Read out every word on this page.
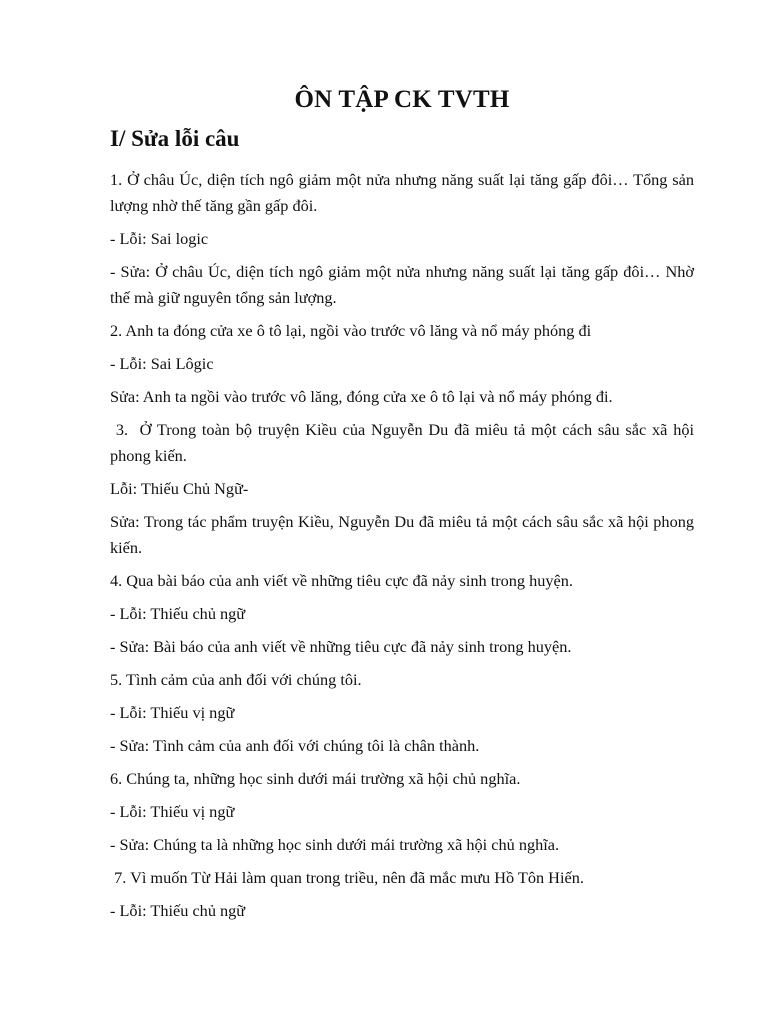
ÔN TẬP CK TVTH
I/ Sửa lỗi câu

1. Ở châu Úc, diện tích ngô giảm một nửa nhưng năng suất lại tăng gấp đôi… Tổng sản lượng nhờ thế tăng gần gấp đôi.

- Lỗi: Sai logic

- Sửa: Ở châu Úc, diện tích ngô giảm một nửa nhưng năng suất lại tăng gấp đôi… Nhờ thế mà giữ nguyên tổng sản lượng.

2. Anh ta đóng cửa xe ô tô lại, ngồi vào trước vô lăng và nổ máy phóng đi

- Lỗi: Sai Lôgic

Sửa: Anh ta ngồi vào trước vô lăng, đóng cửa xe ô tô lại và nổ máy phóng đi.

3.  Ở Trong toàn bộ truyện Kiều của Nguyễn Du đã miêu tả một cách sâu sắc xã hội phong kiến.

Lỗi: Thiếu Chủ Ngữ-

Sửa: Trong tác phẩm truyện Kiều, Nguyễn Du đã miêu tả một cách sâu sắc xã hội phong kiến.

4. Qua bài báo của anh viết về những tiêu cực đã nảy sinh trong huyện.

- Lỗi: Thiếu chủ ngữ

- Sửa: Bài báo của anh viết về những tiêu cực đã nảy sinh trong huyện.

5. Tình cảm của anh đối với chúng tôi.

- Lỗi: Thiếu vị ngữ

- Sửa: Tình cảm của anh đối với chúng tôi là chân thành.

6. Chúng ta, những học sinh dưới mái trường xã hội chủ nghĩa.

- Lỗi: Thiếu vị ngữ

- Sửa: Chúng ta là những học sinh dưới mái trường xã hội chủ nghĩa.

7. Vì muốn Từ Hải làm quan trong triều, nên đã mắc mưu Hồ Tôn Hiến.

- Lỗi: Thiếu chủ ngữ
